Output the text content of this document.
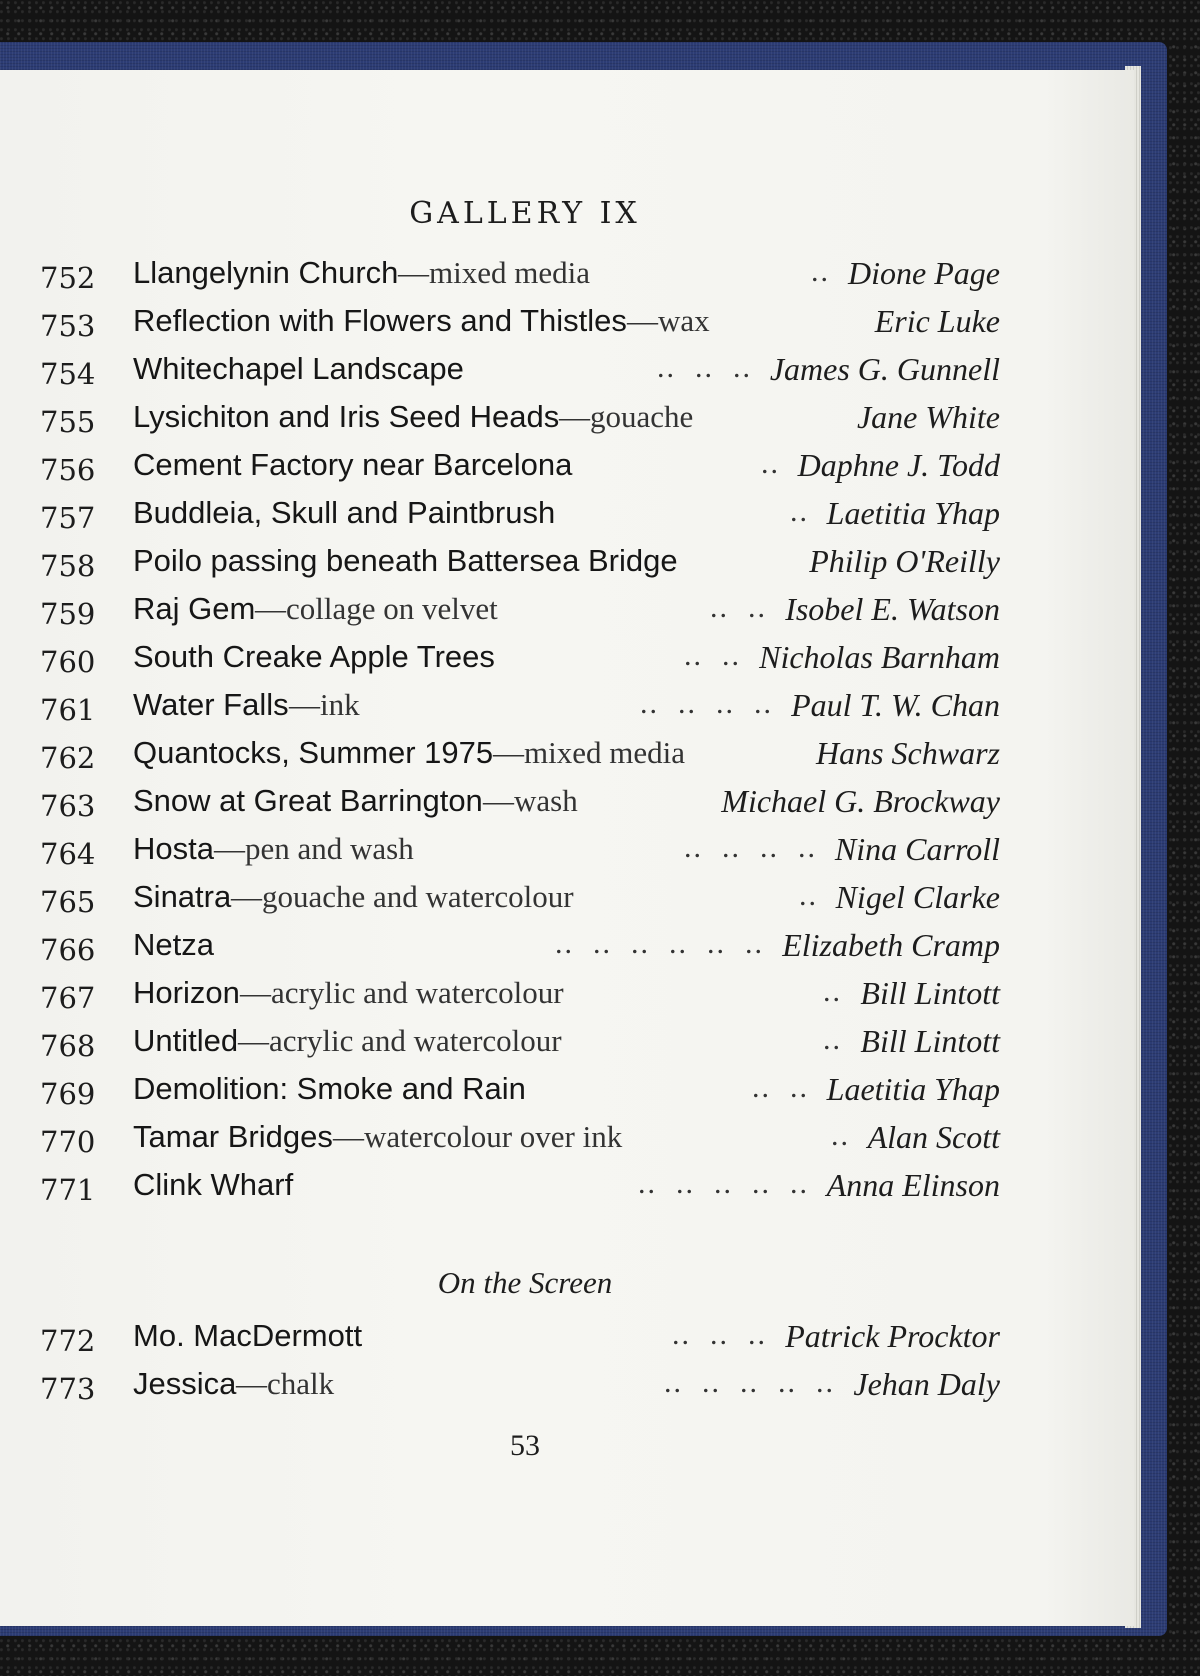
GALLERY IX
752 Llangelynin Church —mixed media	.. Dione Page
753 Reflection with Flowers and Thistles —wax	Eric Luke
754 Whitechapel Landscape	..  ..  .. James G. Gunnell
755 Lysichiton and Iris Seed Heads —gouache	Jane White
756 Cement Factory near Barcelona	.. Daphne J. Todd
757 Buddleia, Skull and Paintbrush	.. Laetitia Yhap
758 Poilo passing beneath Battersea Bridge	Philip O'Reilly
759 Raj Gem —collage on velvet	..  .. Isobel E. Watson
760 South Creake Apple Trees	..  .. Nicholas Barnham
761 Water Falls —ink	..  ..  ..  .. Paul T. W. Chan
762 Quantocks, Summer 1975 —mixed media	Hans Schwarz
763 Snow at Great Barrington —wash	Michael G. Brockway
764 Hosta —pen and wash	..  ..  ..  .. Nina Carroll
765 Sinatra —gouache and watercolour	.. Nigel Clarke
766 Netza	..  ..  ..  ..  ..  .. Elizabeth Cramp
767 Horizon —acrylic and watercolour	.. Bill Lintott
768 Untitled —acrylic and watercolour	.. Bill Lintott
769 Demolition: Smoke and Rain	..  .. Laetitia Yhap
770 Tamar Bridges —watercolour over ink	.. Alan Scott
771 Clink Wharf	..  ..  ..  ..  .. Anna Elinson
On the Screen
772 Mo. MacDermott	..  ..  .. Patrick Procktor
773 Jessica —chalk	..  ..  ..  ..  .. Jehan Daly
53
